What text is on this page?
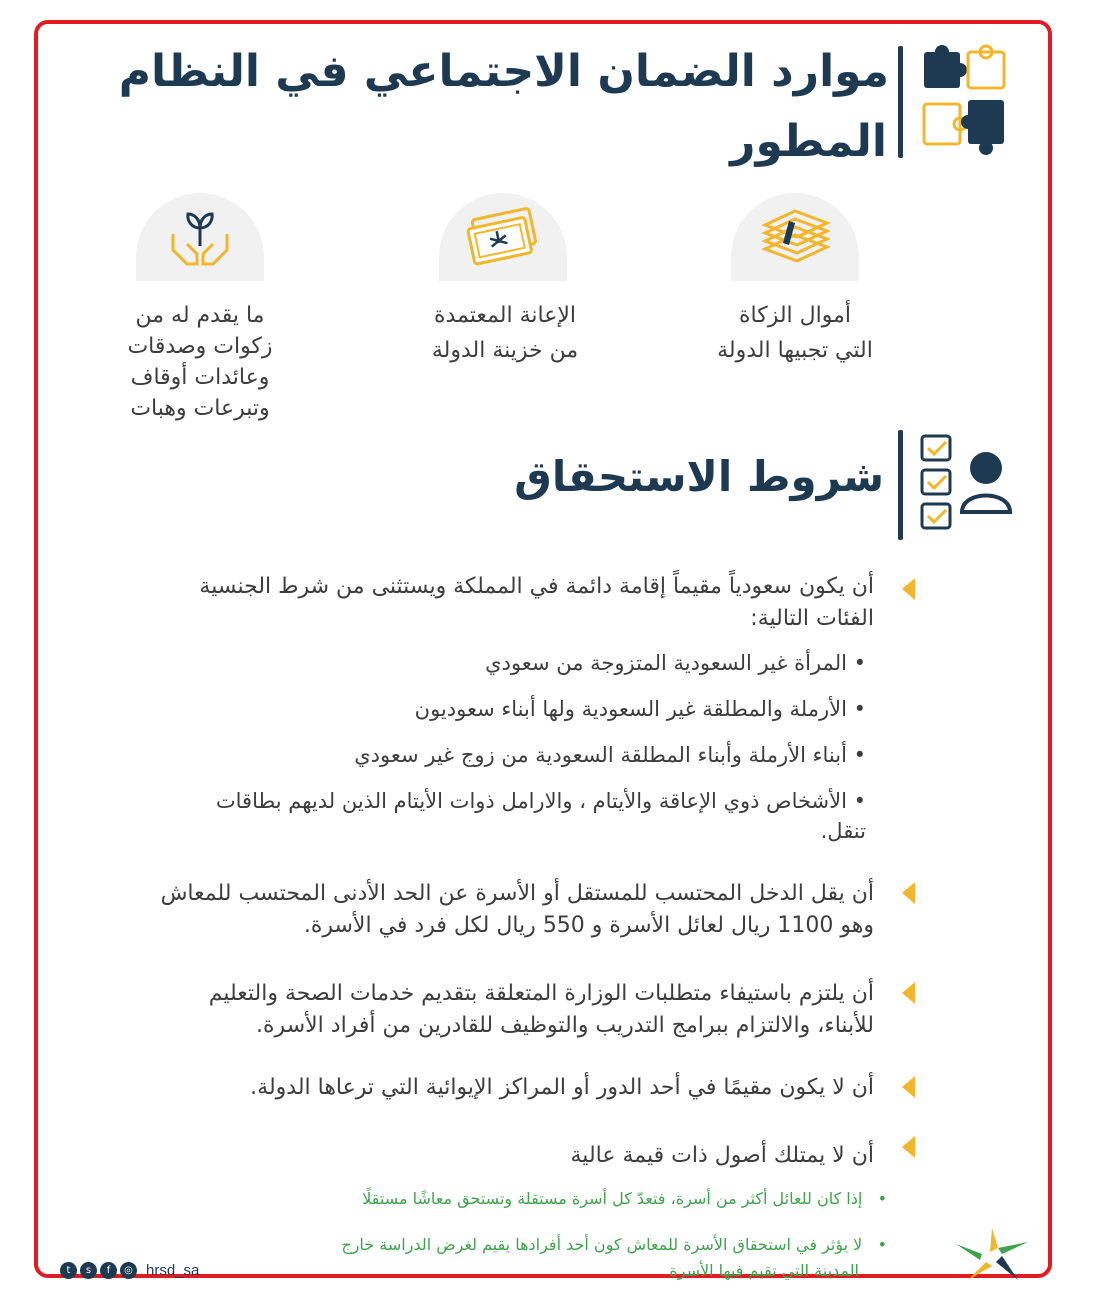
موارد الضمان الاجتماعي في النظام
المطور
أموال الزكاة
التي تجبيها الدولة
الإعانة المعتمدة
من خزينة الدولة
ما يقدم له من
زكوات وصدقات
وعائدات أوقاف
وتبرعات وهبات
شروط الاستحقاق
أن يكون سعودياً مقيماً إقامة دائمة في المملكة ويستثنى من شرط الجنسية
الفئات التالية:
• المرأة غير السعودية المتزوجة من سعودي
• الأرملة والمطلقة غير السعودية ولها أبناء سعوديون
• أبناء الأرملة وأبناء المطلقة السعودية من زوج غير سعودي
• الأشخاص ذوي الإعاقة والأيتام ، والارامل ذوات الأيتام الذين لديهم بطاقات
تنقل.
أن يقل الدخل المحتسب للمستقل أو الأسرة عن الحد الأدنى المحتسب للمعاش
وهو 1100 ريال لعائل الأسرة و 550 ريال لكل فرد في الأسرة.
أن يلتزم باستيفاء متطلبات الوزارة المتعلقة بتقديم خدمات الصحة والتعليم
للأبناء، والالتزام ببرامج التدريب والتوظيف للقادرين من أفراد الأسرة.
أن لا يكون مقيمًا في أحد الدور أو المراكز الإيوائية التي ترعاها الدولة.
أن لا يمتلك أصول ذات قيمة عالية
•   إذا كان للعائل أكثر من أسرة، فتعدّ كل أسرة مستقلة وتستحق معاشًا مستقلًا
•   لا يؤثر في استحقاق الأسرة للمعاش كون أحد أفرادها يقيم لغرض الدراسة خارج
المدينة التي تقيم فيها الأسرة
t	s	f	◎ hrsd_sa
